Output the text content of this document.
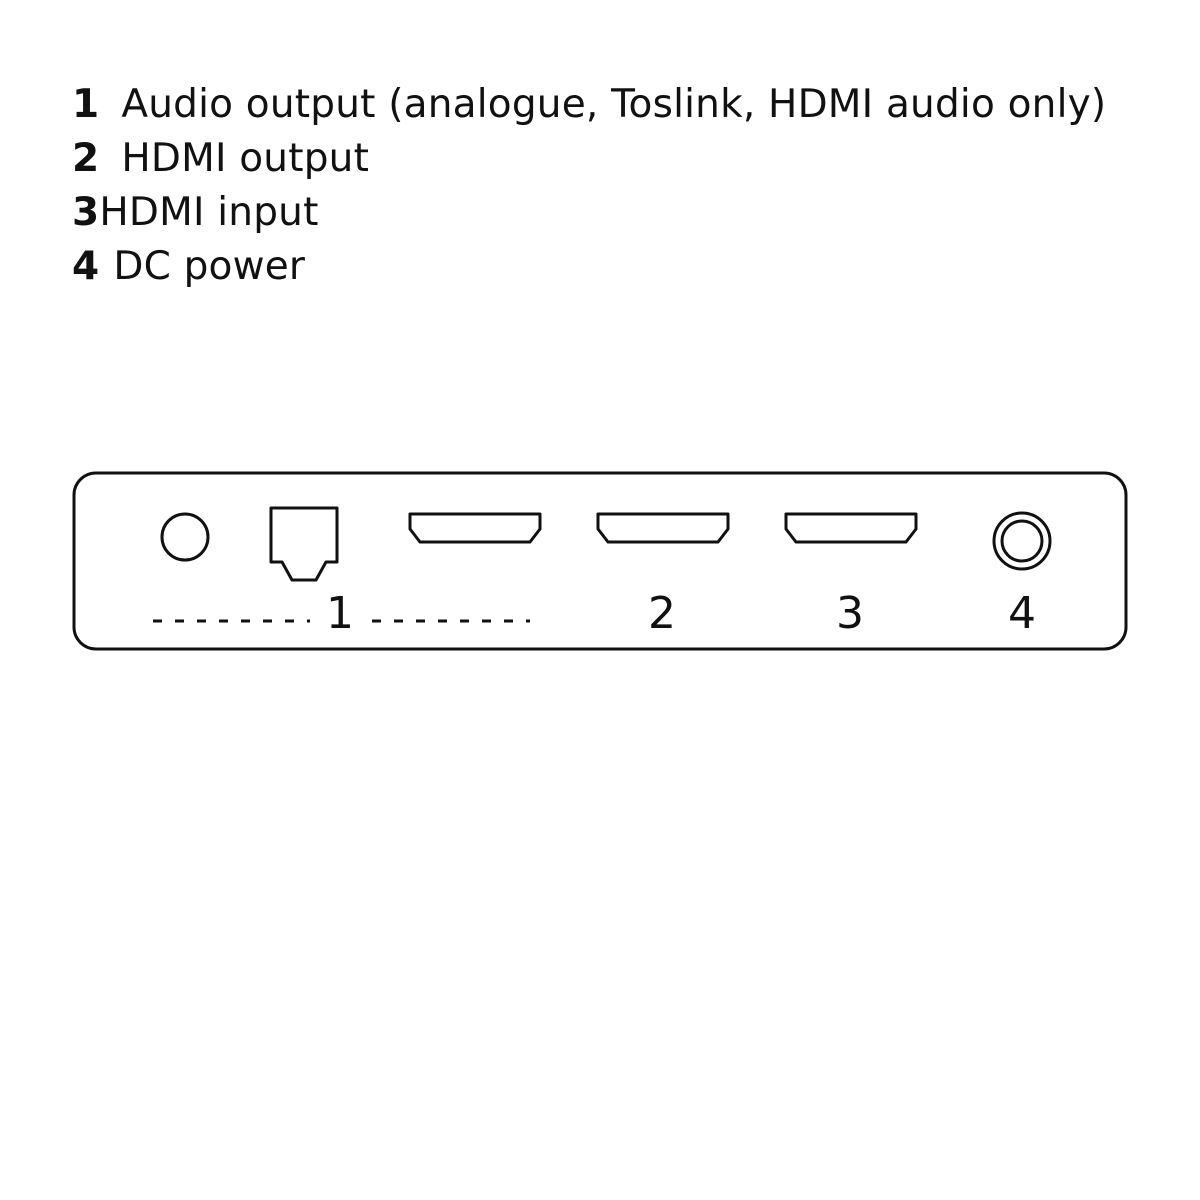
1 Audio output (analogue, Toslink, HDMI audio only)
2 HDMI output
3HDMI input
4 DC power
1	2	3	4
